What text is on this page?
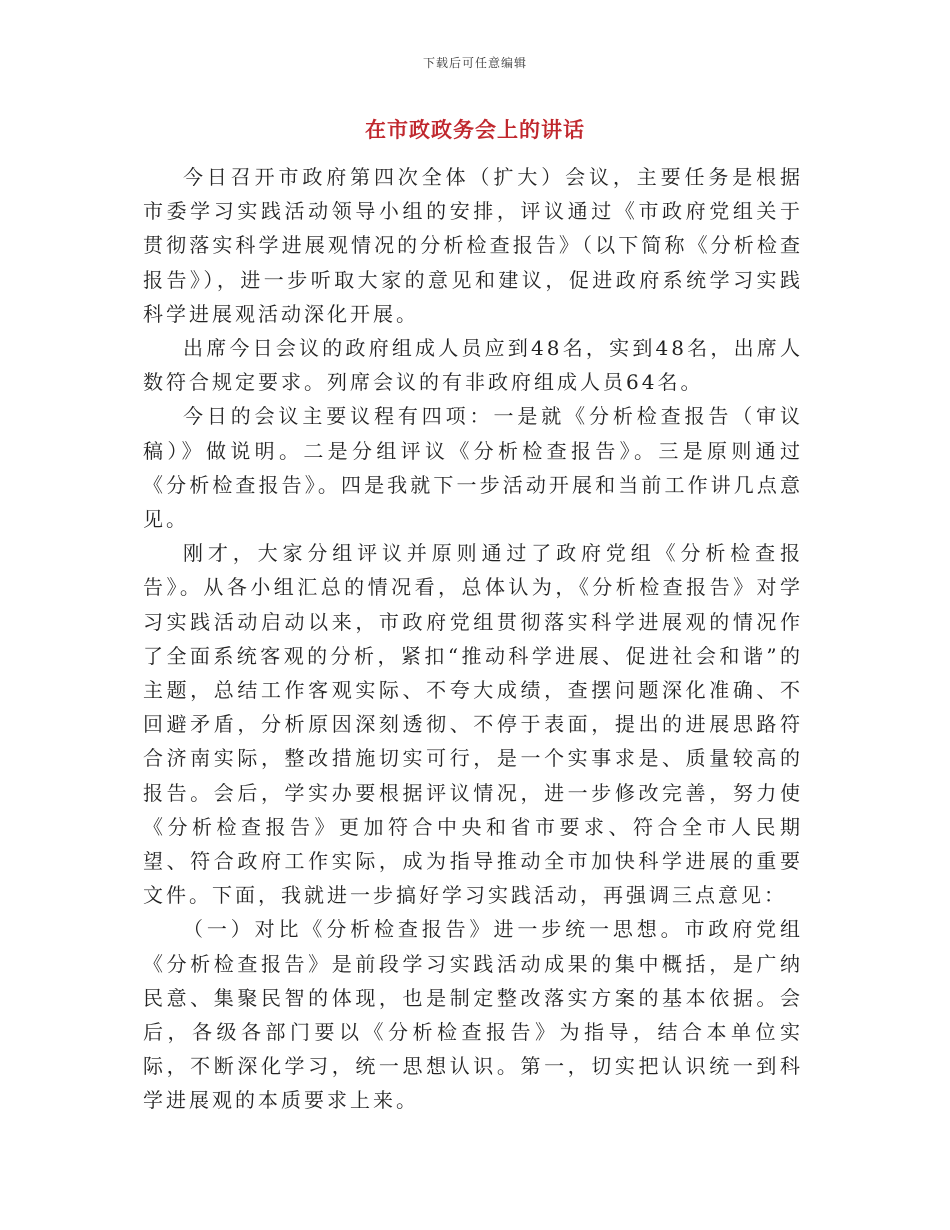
下载后可任意编辑
在市政政务会上的讲话

今日召开市政府第四次全体（扩大）会议，主要任务是根据市委学习实践活动领导小组的安排，评议通过《市政府党组关于贯彻落实科学进展观情况的分析检查报告》（以下简称《分析检查报告》），进一步听取大家的意见和建议，促进政府系统学习实践科学进展观活动深化开展。

出席今日会议的政府组成人员应到48名，实到48名，出席人数符合规定要求。列席会议的有非政府组成人员64名。

今日的会议主要议程有四项：一是就《分析检查报告（审议稿）》做说明。二是分组评议《分析检查报告》。三是原则通过《分析检查报告》。四是我就下一步活动开展和当前工作讲几点意见。

刚才，大家分组评议并原则通过了政府党组《分析检查报告》。从各小组汇总的情况看，总体认为，《分析检查报告》对学习实践活动启动以来，市政府党组贯彻落实科学进展观的情况作了全面系统客观的分析，紧扣“推动科学进展、促进社会和谐”的主题，总结工作客观实际、不夸大成绩，查摆问题深化准确、不回避矛盾，分析原因深刻透彻、不停于表面，提出的进展思路符合济南实际，整改措施切实可行，是一个实事求是、质量较高的报告。会后，学实办要根据评议情况，进一步修改完善，努力使《分析检查报告》更加符合中央和省市要求、符合全市人民期望、符合政府工作实际，成为指导推动全市加快科学进展的重要文件。下面，我就进一步搞好学习实践活动，再强调三点意见：

（一）对比《分析检查报告》进一步统一思想。市政府党组《分析检查报告》是前段学习实践活动成果的集中概括，是广纳民意、集聚民智的体现，也是制定整改落实方案的基本依据。会后，各级各部门要以《分析检查报告》为指导，结合本单位实际，不断深化学习，统一思想认识。第一，切实把认识统一到科学进展观的本质要求上来。
